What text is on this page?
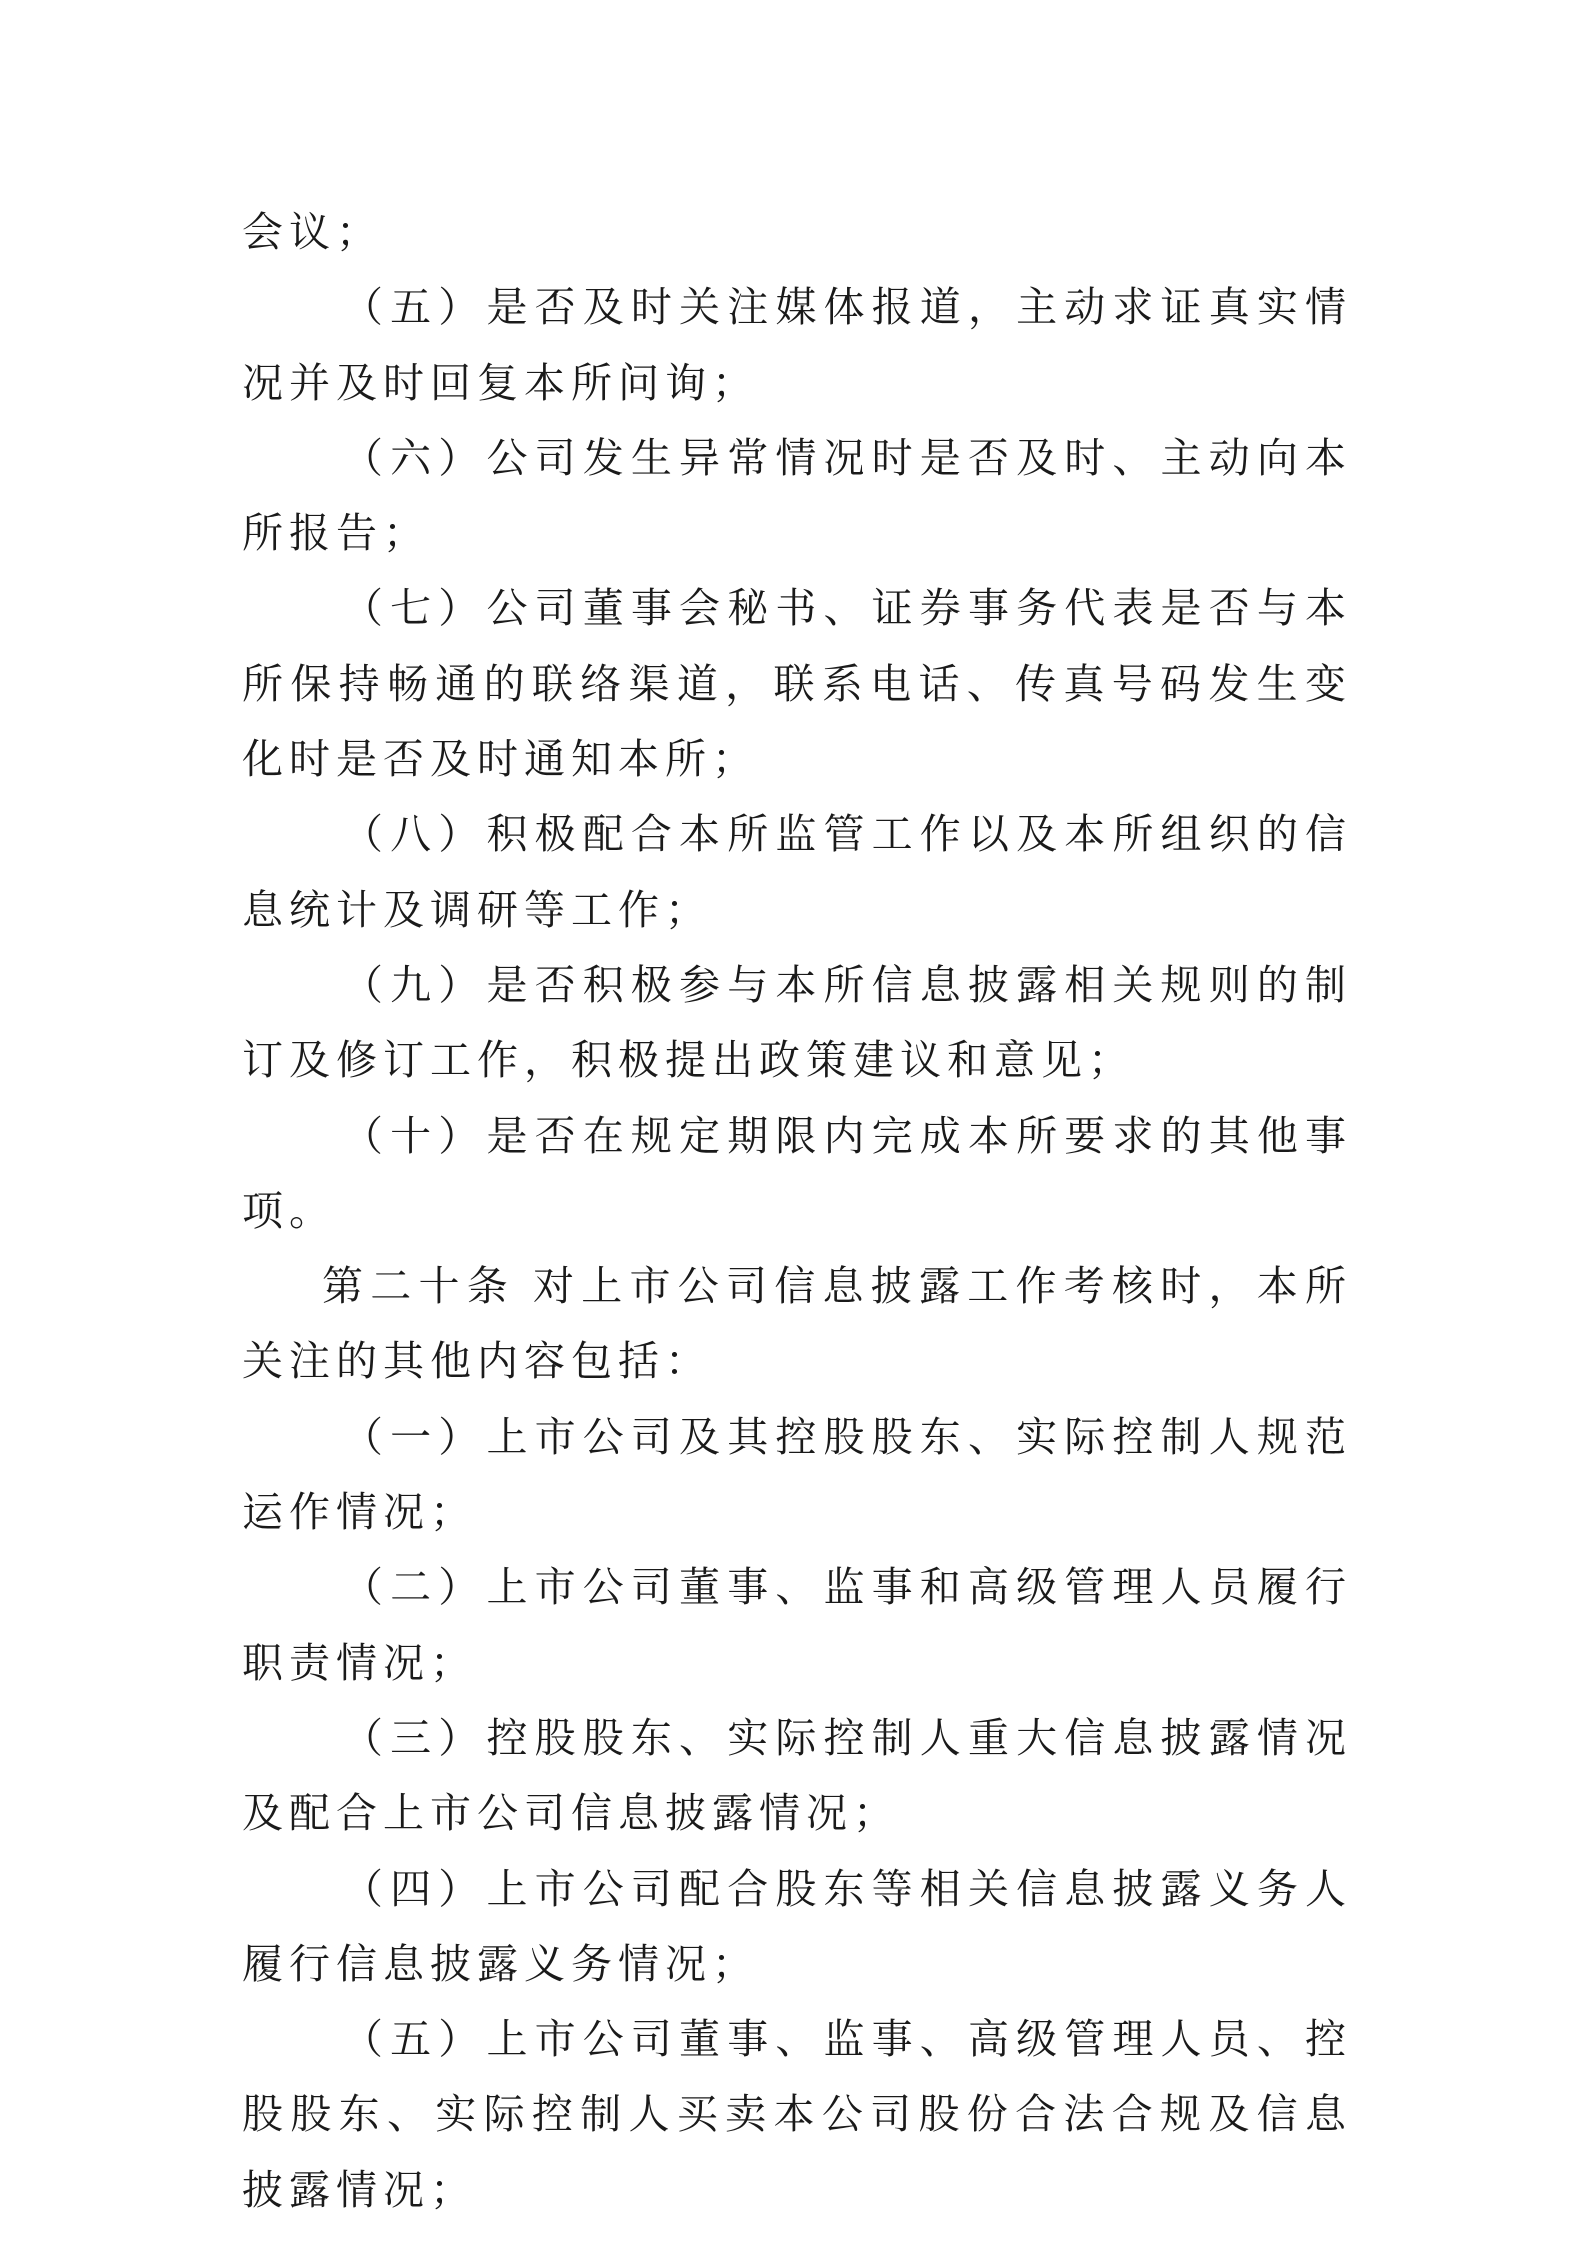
会议；

（五）是否及时关注媒体报道，主动求证真实情况并及时回复本所问询；

（六）公司发生异常情况时是否及时、主动向本所报告；

（七）公司董事会秘书、证券事务代表是否与本所保持畅通的联络渠道，联系电话、传真号码发生变化时是否及时通知本所；

（八）积极配合本所监管工作以及本所组织的信息统计及调研等工作；

（九）是否积极参与本所信息披露相关规则的制订及修订工作，积极提出政策建议和意见；

（十）是否在规定期限内完成本所要求的其他事项。

第二十条 对上市公司信息披露工作考核时，本所关注的其他内容包括：

（一）上市公司及其控股股东、实际控制人规范运作情况；

（二）上市公司董事、监事和高级管理人员履行职责情况；

（三）控股股东、实际控制人重大信息披露情况及配合上市公司信息披露情况；

（四）上市公司配合股东等相关信息披露义务人履行信息披露义务情况；

（五）上市公司董事、监事、高级管理人员、控股股东、实际控制人买卖本公司股份合法合规及信息披露情况；
